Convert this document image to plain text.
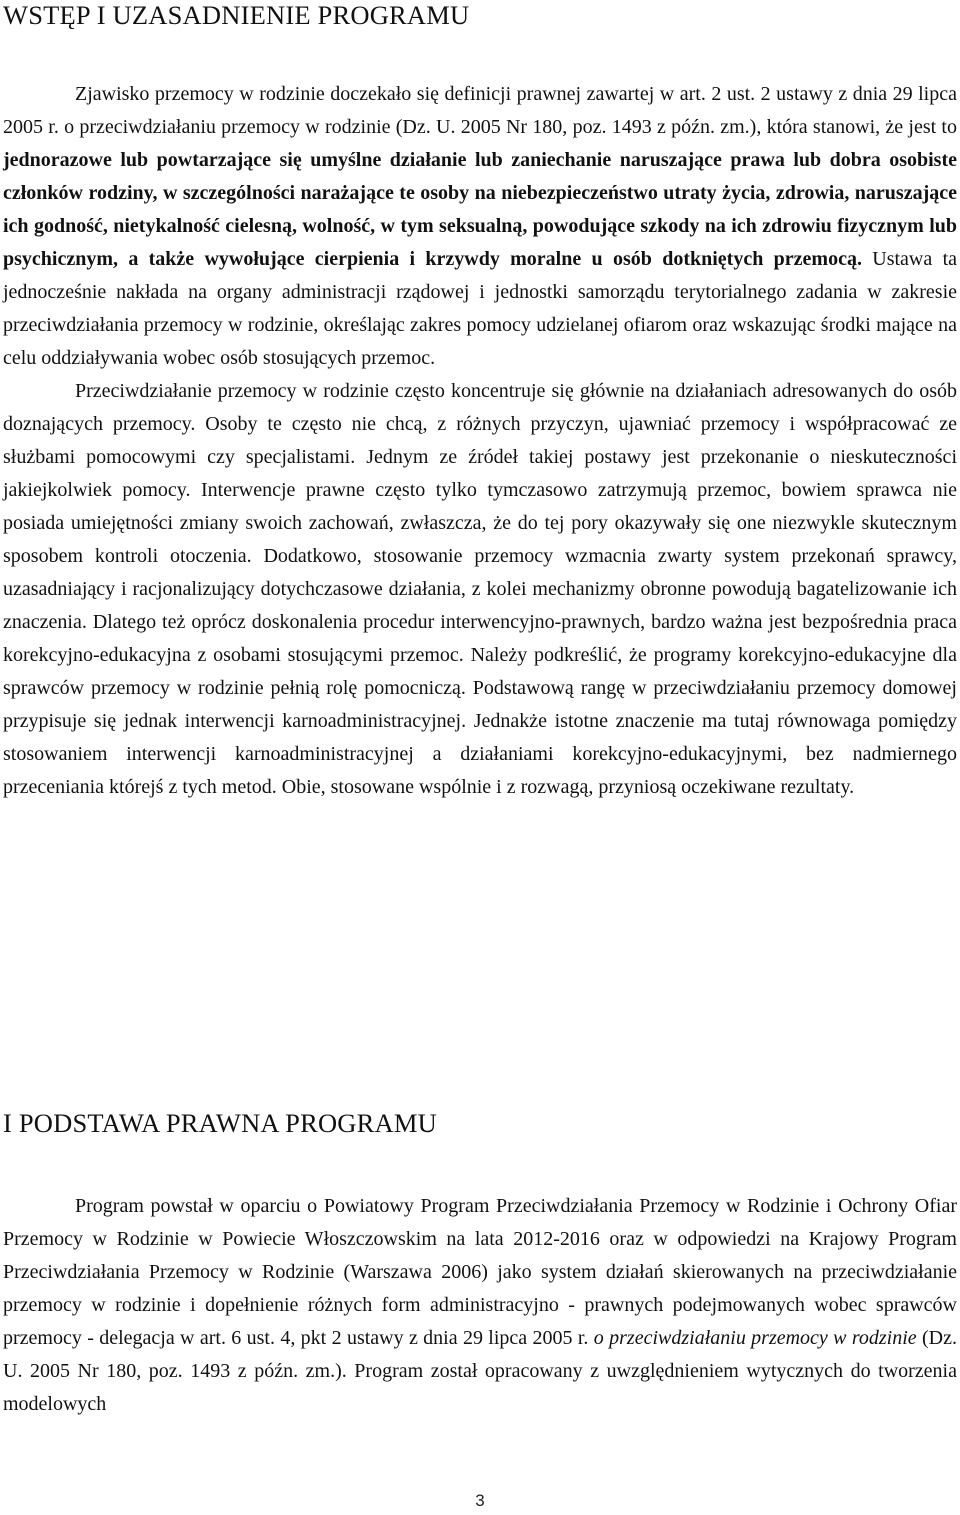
WSTĘP I UZASADNIENIE PROGRAMU

Zjawisko przemocy w rodzinie doczekało się definicji prawnej zawartej w art. 2 ust. 2 ustawy z dnia 29 lipca 2005 r. o przeciwdziałaniu przemocy w rodzinie (Dz. U. 2005 Nr 180, poz. 1493 z późn. zm.), która stanowi, że jest to jednorazowe lub powtarzające się umyślne działanie lub zaniechanie naruszające prawa lub dobra osobiste członków rodziny, w szczególności narażające te osoby na niebezpieczeństwo utraty życia, zdrowia, naruszające ich godność, nietykalność cielesną, wolność, w tym seksualną, powodujące szkody na ich zdrowiu fizycznym lub psychicznym, a także wywołujące cierpienia i krzywdy moralne u osób dotkniętych przemocą. Ustawa ta jednocześnie nakłada na organy administracji rządowej i jednostki samorządu terytorialnego zadania w zakresie przeciwdziałania przemocy w rodzinie, określając zakres pomocy udzielanej ofiarom oraz wskazując środki mające na celu oddziaływania wobec osób stosujących przemoc.

Przeciwdziałanie przemocy w rodzinie często koncentruje się głównie na działaniach adresowanych do osób doznających przemocy. Osoby te często nie chcą, z różnych przyczyn, ujawniać przemocy i współpracować ze służbami pomocowymi czy specjalistami. Jednym ze źródeł takiej postawy jest przekonanie o nieskuteczności jakiejkolwiek pomocy. Interwencje prawne często tylko tymczasowo zatrzymują przemoc, bowiem sprawca nie posiada umiejętności zmiany swoich zachowań, zwłaszcza, że do tej pory okazywały się one niezwykle skutecznym sposobem kontroli otoczenia. Dodatkowo, stosowanie przemocy wzmacnia zwarty system przekonań sprawcy, uzasadniający i racjonalizujący dotychczasowe działania, z kolei mechanizmy obronne powodują bagatelizowanie ich znaczenia. Dlatego też oprócz doskonalenia procedur interwencyjno-prawnych, bardzo ważna jest bezpośrednia praca korekcyjno-edukacyjna z osobami stosującymi przemoc. Należy podkreślić, że programy korekcyjno-edukacyjne dla sprawców przemocy w rodzinie pełnią rolę pomocniczą. Podstawową rangę w przeciwdziałaniu przemocy domowej przypisuje się jednak interwencji karnoadministracyjnej. Jednakże istotne znaczenie ma tutaj równowaga pomiędzy stosowaniem interwencji karnoadministracyjnej a działaniami korekcyjno-edukacyjnymi, bez nadmiernego przeceniania którejś z tych metod. Obie, stosowane wspólnie i z rozwagą, przyniosą oczekiwane rezultaty.

I PODSTAWA PRAWNA PROGRAMU

Program powstał w oparciu o Powiatowy Program Przeciwdziałania Przemocy w Rodzinie i Ochrony Ofiar Przemocy w Rodzinie w Powiecie Włoszczowskim na lata 2012-2016 oraz w odpowiedzi na Krajowy Program Przeciwdziałania Przemocy w Rodzinie (Warszawa 2006) jako system działań skierowanych na przeciwdziałanie przemocy w rodzinie i dopełnienie różnych form administracyjno - prawnych podejmowanych wobec sprawców przemocy - delegacja w art. 6 ust. 4, pkt 2 ustawy z dnia 29 lipca 2005 r. o przeciwdziałaniu przemocy w rodzinie (Dz. U. 2005 Nr 180, poz. 1493 z późn. zm.). Program został opracowany z uwzględnieniem wytycznych do tworzenia modelowych

3
